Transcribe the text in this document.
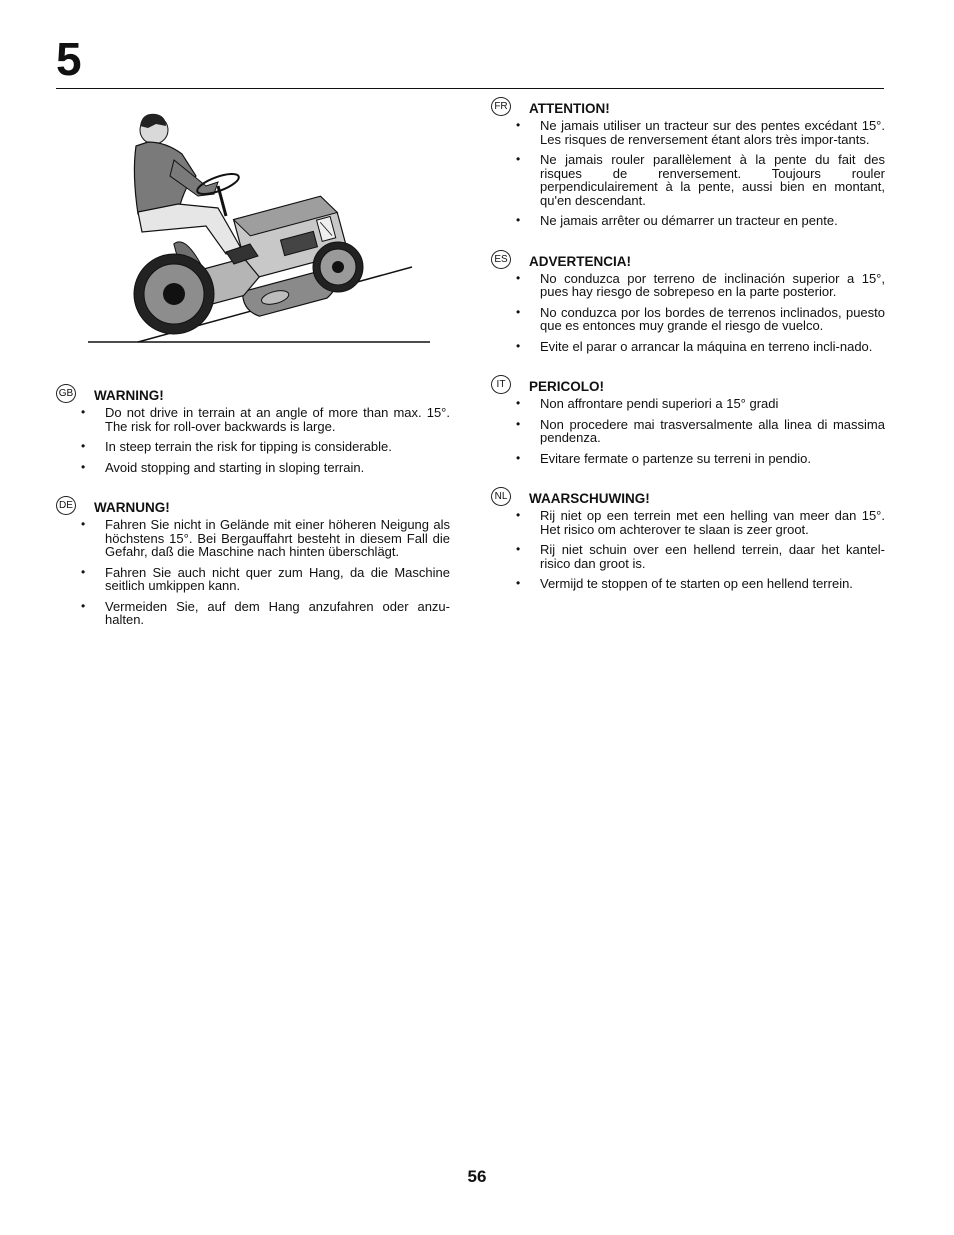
5
GB WARNING!
• Do not drive in terrain at an angle of more than max. 15°. The risk for roll-over backwards is large.
• In steep terrain the risk for tipping is considerable.
• Avoid stopping and starting in sloping terrain.
DE WARNUNG!
• Fahren Sie nicht in Gelände mit einer höheren Neigung als höchstens 15°. Bei Bergauffahrt besteht in diesem Fall die Gefahr, daß die Maschine nach hinten überschlägt.
• Fahren Sie auch nicht quer zum Hang, da die Maschine seitlich umkippen kann.
• Vermeiden Sie, auf dem Hang anzufahren oder anzu-halten.
FR ATTENTION!
• Ne jamais utiliser un tracteur sur des pentes excédant 15°. Les risques de renversement étant alors très impor-tants.
• Ne jamais rouler parallèlement à la pente du fait des risques de renversement. Toujours rouler perpendiculairement à la pente, aussi bien en montant, qu'en descendant.
• Ne jamais arrêter ou démarrer un tracteur en pente.
ES ADVERTENCIA!
• No conduzca por terreno de inclinación superior a 15°, pues hay riesgo de sobrepeso en la parte posterior.
• No conduzca por los bordes de terrenos inclinados, puesto que es entonces muy grande el riesgo de vuelco.
• Evite el parar o arrancar la máquina en terreno incli-nado.
IT	PERICOLO!
• Non affrontare pendi superiori a 15° gradi
• Non procedere mai trasversalmente alla linea di massima pendenza.
• Evitare fermate o partenze su terreni in pendio.
NL WAARSCHUWING!
• Rij niet op een terrein met een helling van meer dan 15°. Het risico om achterover te slaan is zeer groot.
• Rij niet schuin over een hellend terrein, daar het kantel-risico dan groot is.
• Vermijd te stoppen of te starten op een hellend terrein.
56
